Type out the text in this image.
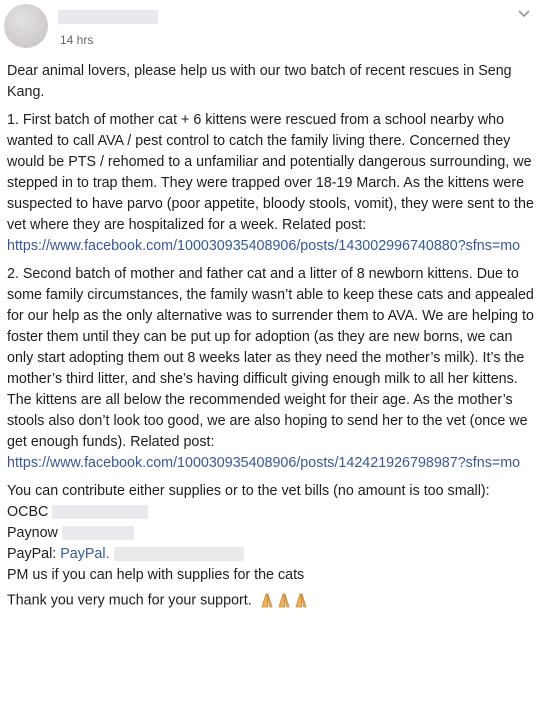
14 hrs

Dear animal lovers, please help us with our two batch of recent rescues in Seng Kang.

1. First batch of mother cat + 6 kittens were rescued from a school nearby who wanted to call AVA / pest control to catch the family living there. Concerned they would be PTS / rehomed to a unfamiliar and potentially dangerous surrounding, we stepped in to trap them. They were trapped over 18-19 March. As the kittens were suspected to have parvo (poor appetite, bloody stools, vomit), they were sent to the vet where they are hospitalized for a week. Related post:
https://www.facebook.com/100030935408906/posts/143002996740880?sfns=mo

2. Second batch of mother and father cat and a litter of 8 newborn kittens. Due to some family circumstances, the family wasn’t able to keep these cats and appealed for our help as the only alternative was to surrender them to AVA. We are helping to foster them until they can be put up for adoption (as they are new borns, we can only start adopting them out 8 weeks later as they need the mother’s milk). It’s the mother’s third litter, and she’s having difficult giving enough milk to all her kittens. The kittens are all below the recommended weight for their age. As the mother’s stools also don’t look too good, we are also hoping to send her to the vet (once we get enough funds). Related post:
https://www.facebook.com/100030935408906/posts/142421926798987?sfns=mo

You can contribute either supplies or to the vet bills (no amount is too small):
OCBC
Paynow
PayPal: PayPal.
PM us if you can help with supplies for the cats

Thank you very much for your support.
